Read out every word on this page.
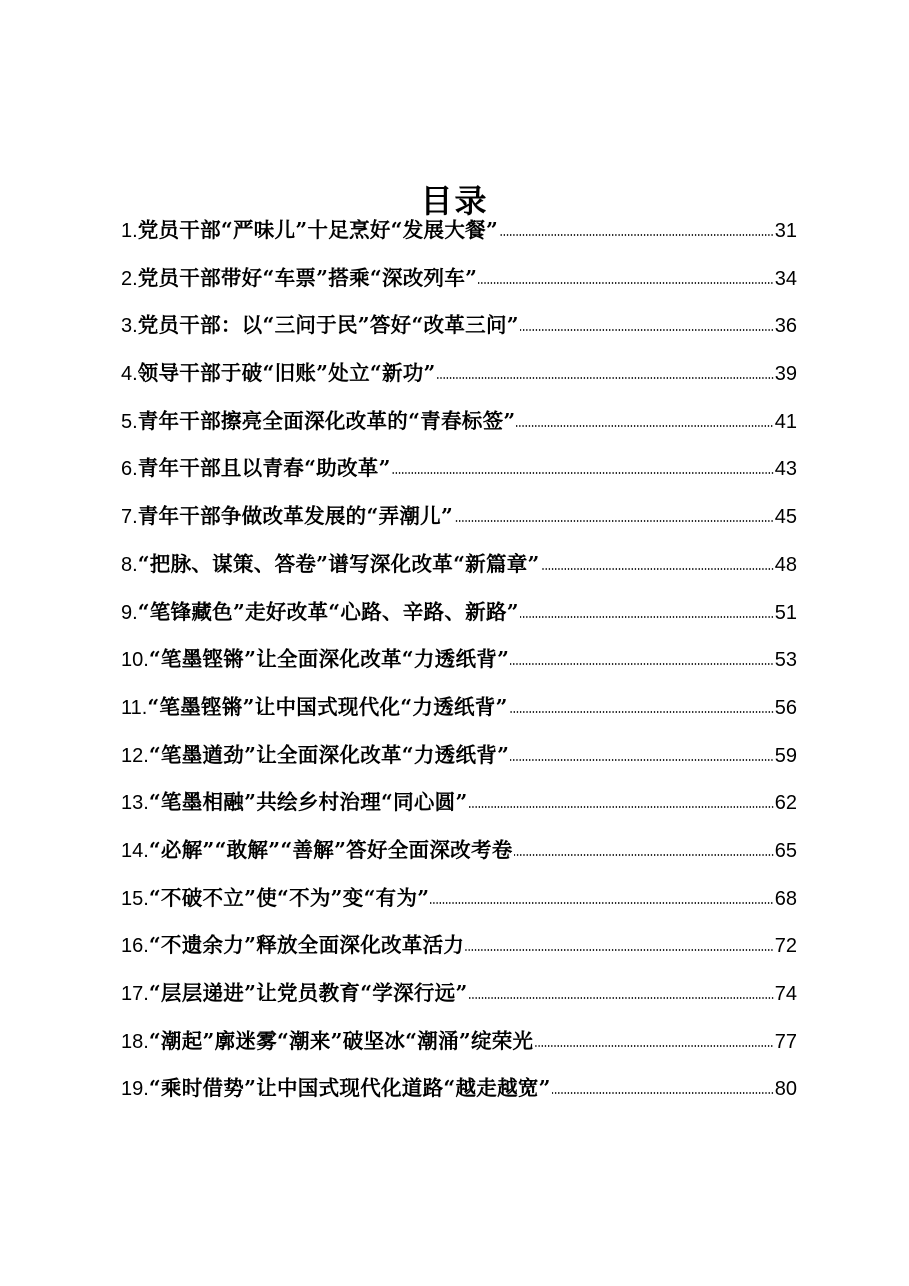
目录
1. 党员干部“严味儿”十足烹好“发展大餐”	31
2. 党员干部带好“车票”搭乘“深改列车”	34
3. 党员干部：以“三问于民”答好“改革三问”	36
4. 领导干部于破“旧账”处立“新功”	39
5. 青年干部擦亮全面深化改革的“青春标签”	41
6. 青年干部且以青春“助改革”	43
7. 青年干部争做改革发展的“弄潮儿”	45
8. “把脉、谋策、答卷”谱写深化改革“新篇章”	48
9. “笔锋藏色”走好改革“心路、辛路、新路”	51
10. “笔墨铿锵”让全面深化改革“力透纸背”	53
11. “笔墨铿锵”让中国式现代化“力透纸背”	56
12. “笔墨遒劲”让全面深化改革“力透纸背”	59
13. “笔墨相融”共绘乡村治理“同心圆”	62
14. “必解”“敢解”“善解”答好全面深改考卷	65
15. “不破不立”使“不为”变“有为”	68
16. “不遗余力”释放全面深化改革活力	72
17. “层层递进”让党员教育“学深行远”	74
18. “潮起”廓迷雾“潮来”破坚冰“潮涌”绽荣光	77
19. “乘时借势”让中国式现代化道路“越走越宽”	80
